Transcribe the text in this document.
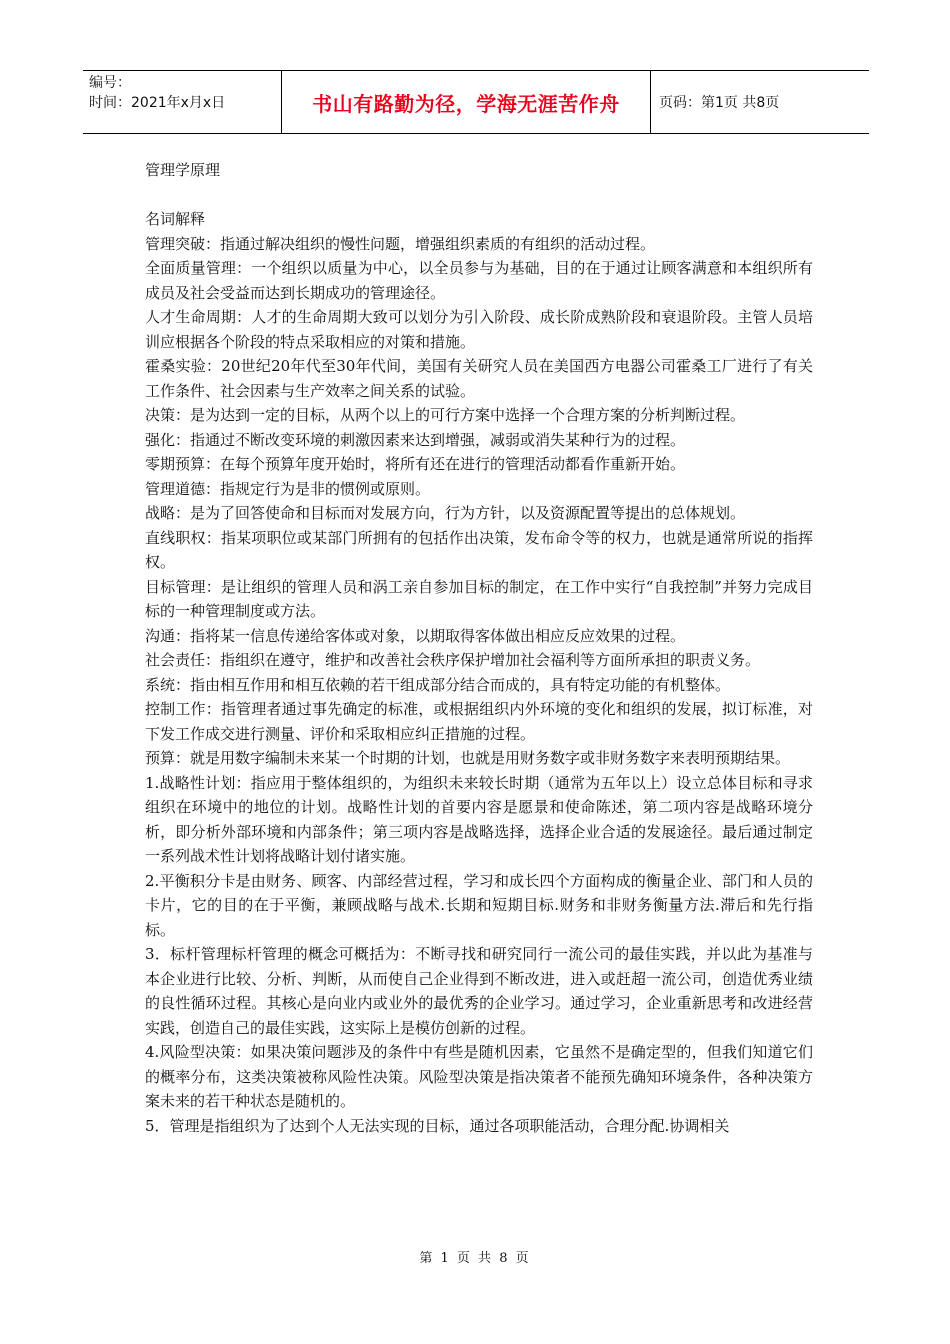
编号：
时间：2021年x月x日	书山有路勤为径，学海无涯苦作舟	页码：第1页 共8页

管理学原理

名词解释

管理突破：指通过解决组织的慢性问题，增强组织素质的有组织的活动过程。

全面质量管理：一个组织以质量为中心，以全员参与为基础，目的在于通过让顾客满意和本组织所有成员及社会受益而达到长期成功的管理途径。

人才生命周期：人才的生命周期大致可以划分为引入阶段、成长阶成熟阶段和衰退阶段。主管人员培训应根据各个阶段的特点采取相应的对策和措施。

霍桑实验：20世纪20年代至30年代间，美国有关研究人员在美国西方电器公司霍桑工厂进行了有关工作条件、社会因素与生产效率之间关系的试验。

决策：是为达到一定的目标，从两个以上的可行方案中选择一个合理方案的分析判断过程。

强化：指通过不断改变环境的刺激因素来达到增强，减弱或消失某种行为的过程。

零期预算：在每个预算年度开始时，将所有还在进行的管理活动都看作重新开始。

管理道德：指规定行为是非的惯例或原则。

战略：是为了回答使命和目标而对发展方向，行为方针，以及资源配置等提出的总体规划。

直线职权：指某项职位或某部门所拥有的包括作出决策，发布命令等的权力，也就是通常所说的指挥权。

目标管理：是让组织的管理人员和涡工亲自参加目标的制定，在工作中实行“自我控制”并努力完成目标的一种管理制度或方法。

沟通：指将某一信息传递给客体或对象，以期取得客体做出相应反应效果的过程。

社会责任：指组织在遵守，维护和改善社会秩序保护增加社会福利等方面所承担的职责义务。

系统：指由相互作用和相互依赖的若干组成部分结合而成的，具有特定功能的有机整体。

控制工作：指管理者通过事先确定的标准，或根据组织内外环境的变化和组织的发展，拟订标准，对下发工作成交进行测量、评价和采取相应纠正措施的过程。

预算：就是用数字编制未来某一个时期的计划，也就是用财务数字或非财务数字来表明预期结果。

1.战略性计划：指应用于整体组织的，为组织未来较长时期（通常为五年以上）设立总体目标和寻求组织在环境中的地位的计划。战略性计划的首要内容是愿景和使命陈述，第二项内容是战略环境分析，即分析外部环境和内部条件；第三项内容是战略选择，选择企业合适的发展途径。最后通过制定一系列战术性计划将战略计划付诸实施。

2.平衡积分卡是由财务、顾客、内部经营过程，学习和成长四个方面构成的衡量企业、部门和人员的卡片，它的目的在于平衡，兼顾战略与战术.长期和短期目标.财务和非财务衡量方法.滞后和先行指标。

3．标杆管理标杆管理的概念可概括为：不断寻找和研究同行一流公司的最佳实践，并以此为基准与本企业进行比较、分析、判断，从而使自己企业得到不断改进，进入或赶超一流公司，创造优秀业绩的良性循环过程。其核心是向业内或业外的最优秀的企业学习。通过学习，企业重新思考和改进经营实践，创造自己的最佳实践，这实际上是模仿创新的过程。

4.风险型决策：如果决策问题涉及的条件中有些是随机因素，它虽然不是确定型的，但我们知道它们的概率分布，这类决策被称风险性决策。风险型决策是指决策者不能预先确知环境条件，各种决策方案未来的若干种状态是随机的。

5．管理是指组织为了达到个人无法实现的目标，通过各项职能活动，合理分配.协调相关

第 1 页 共 8 页
